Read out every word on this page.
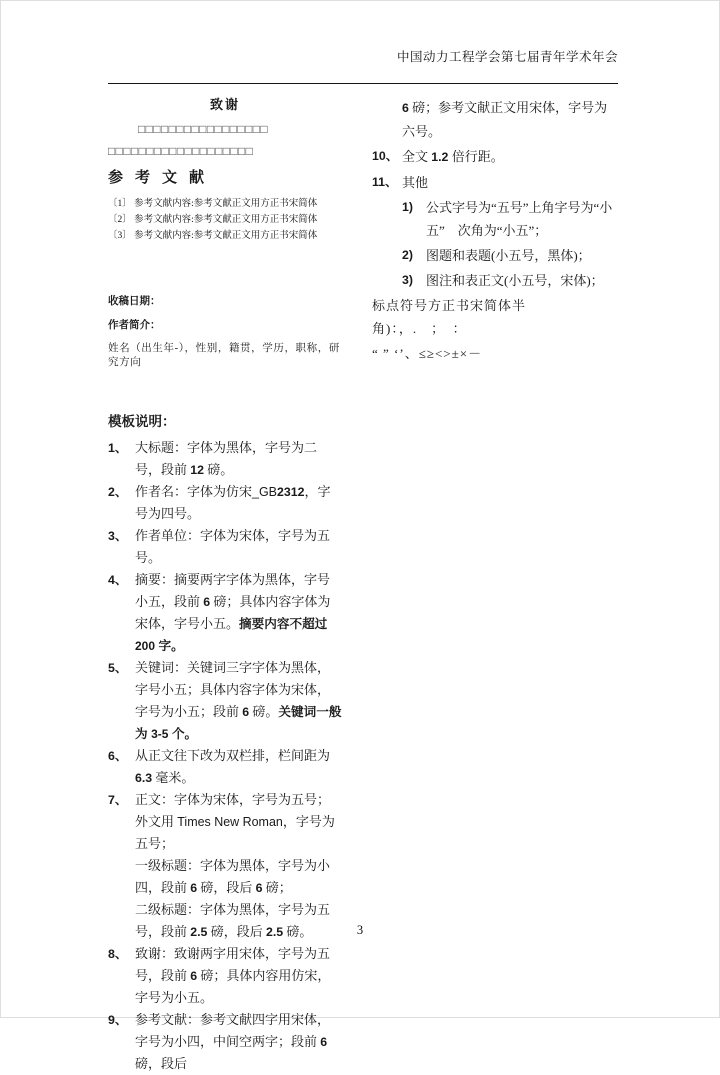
中国动力工程学会第七届青年学术年会
致谢
□□□□□□□□□□□□□□□□□
□□□□□□□□□□□□□□□□□□□
参考文献
〔1〕 参考文献内容:参考文献正文用方正书宋简体
〔2〕 参考文献内容:参考文献正文用方正书宋简体
〔3〕 参考文献内容:参考文献正文用方正书宋简体
收稿日期：
作者简介：
姓名（出生年-），性别，籍贯，学历，职称，研究方向
模板说明：
1、 大标题：字体为黑体，字号为二号，段前 12 磅。
2、 作者名：字体为仿宋_GB2312，字号为四号。
3、 作者单位：字体为宋体，字号为五号。
4、 摘要：摘要两字字体为黑体，字号小五，段前 6 磅；具体内容字体为宋体，字号小五。摘要内容不超过 200 字。
5、 关键词：关键词三字字体为黑体，字号小五；具体内容字体为宋体，字号为小五；段前 6 磅。关键词一般为 3-5 个。
6、 从正文往下改为双栏排，栏间距为 6.3 毫米。
7、 正文：字体为宋体，字号为五号；外文用 Times New Roman，字号为五号；
一级标题：字体为黑体，字号为小四，段前 6 磅，段后 6 磅；
二级标题：字体为黑体，字号为五号，段前 2.5 磅，段后 2.5 磅。
8、 致谢：致谢两字用宋体，字号为五号，段前 6 磅；具体内容用仿宋，字号为小五。
9、 参考文献：参考文献四字用宋体，字号为小四，中间空两字；段前 6 磅，段后
6 磅；参考文献正文用宋体，字号为六号。
10、 全文 1.2 倍行距。
11、 其他
1)	公式字号为“五号”上角字号为“小五”　次角为“小五”；
2)	图题和表题(小五号，黑体)；
3)	图注和表正文(小五号，宋体)；
标点符号方正书宋简体半角)：，.　；　：
“ ” ‘’、≤≥<>±×－
3
